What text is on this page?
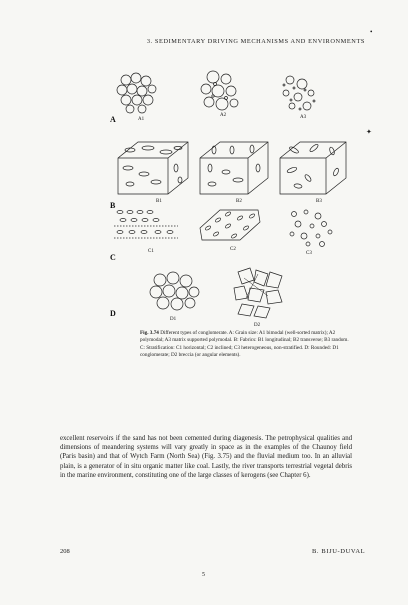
3. SEDIMENTARY DRIVING MECHANISMS AND ENVIRONMENTS
•
✦
A
B
C
D
A1
A2	A3
B1	B2	B3
C1	C2
C3
D1
D2
Fig. 3.74 Different types of conglomerate. A: Grain size: A1 bimodal (well-sorted matrix); A2 polymodal; A3 matrix supported polymodal. B: Fabrics: B1 longitudinal; B2 transverse; B3 random. C: Stratification: C1 horizontal; C2 inclined; C3 heterogeneous, non-stratified. D: Rounded: D1 conglomerate; D2 breccia (or angular elements).
excellent reservoirs if the sand has not been cemented during diagenesis. The petrophysical qualities and dimensions of meandering systems will vary greatly in space as in the examples of the Chaunoy field (Paris basin) and that of Wytch Farm (North Sea) (Fig. 3.75) and the fluvial medium too. In an alluvial plain, is a generator of in situ organic matter like coal. Lastly, the river transports terrestrial vegetal debris in the marine environment, constituting one of the large classes of kerogens (see Chapter 6).
208	B. BIJU-DUVAL
5
